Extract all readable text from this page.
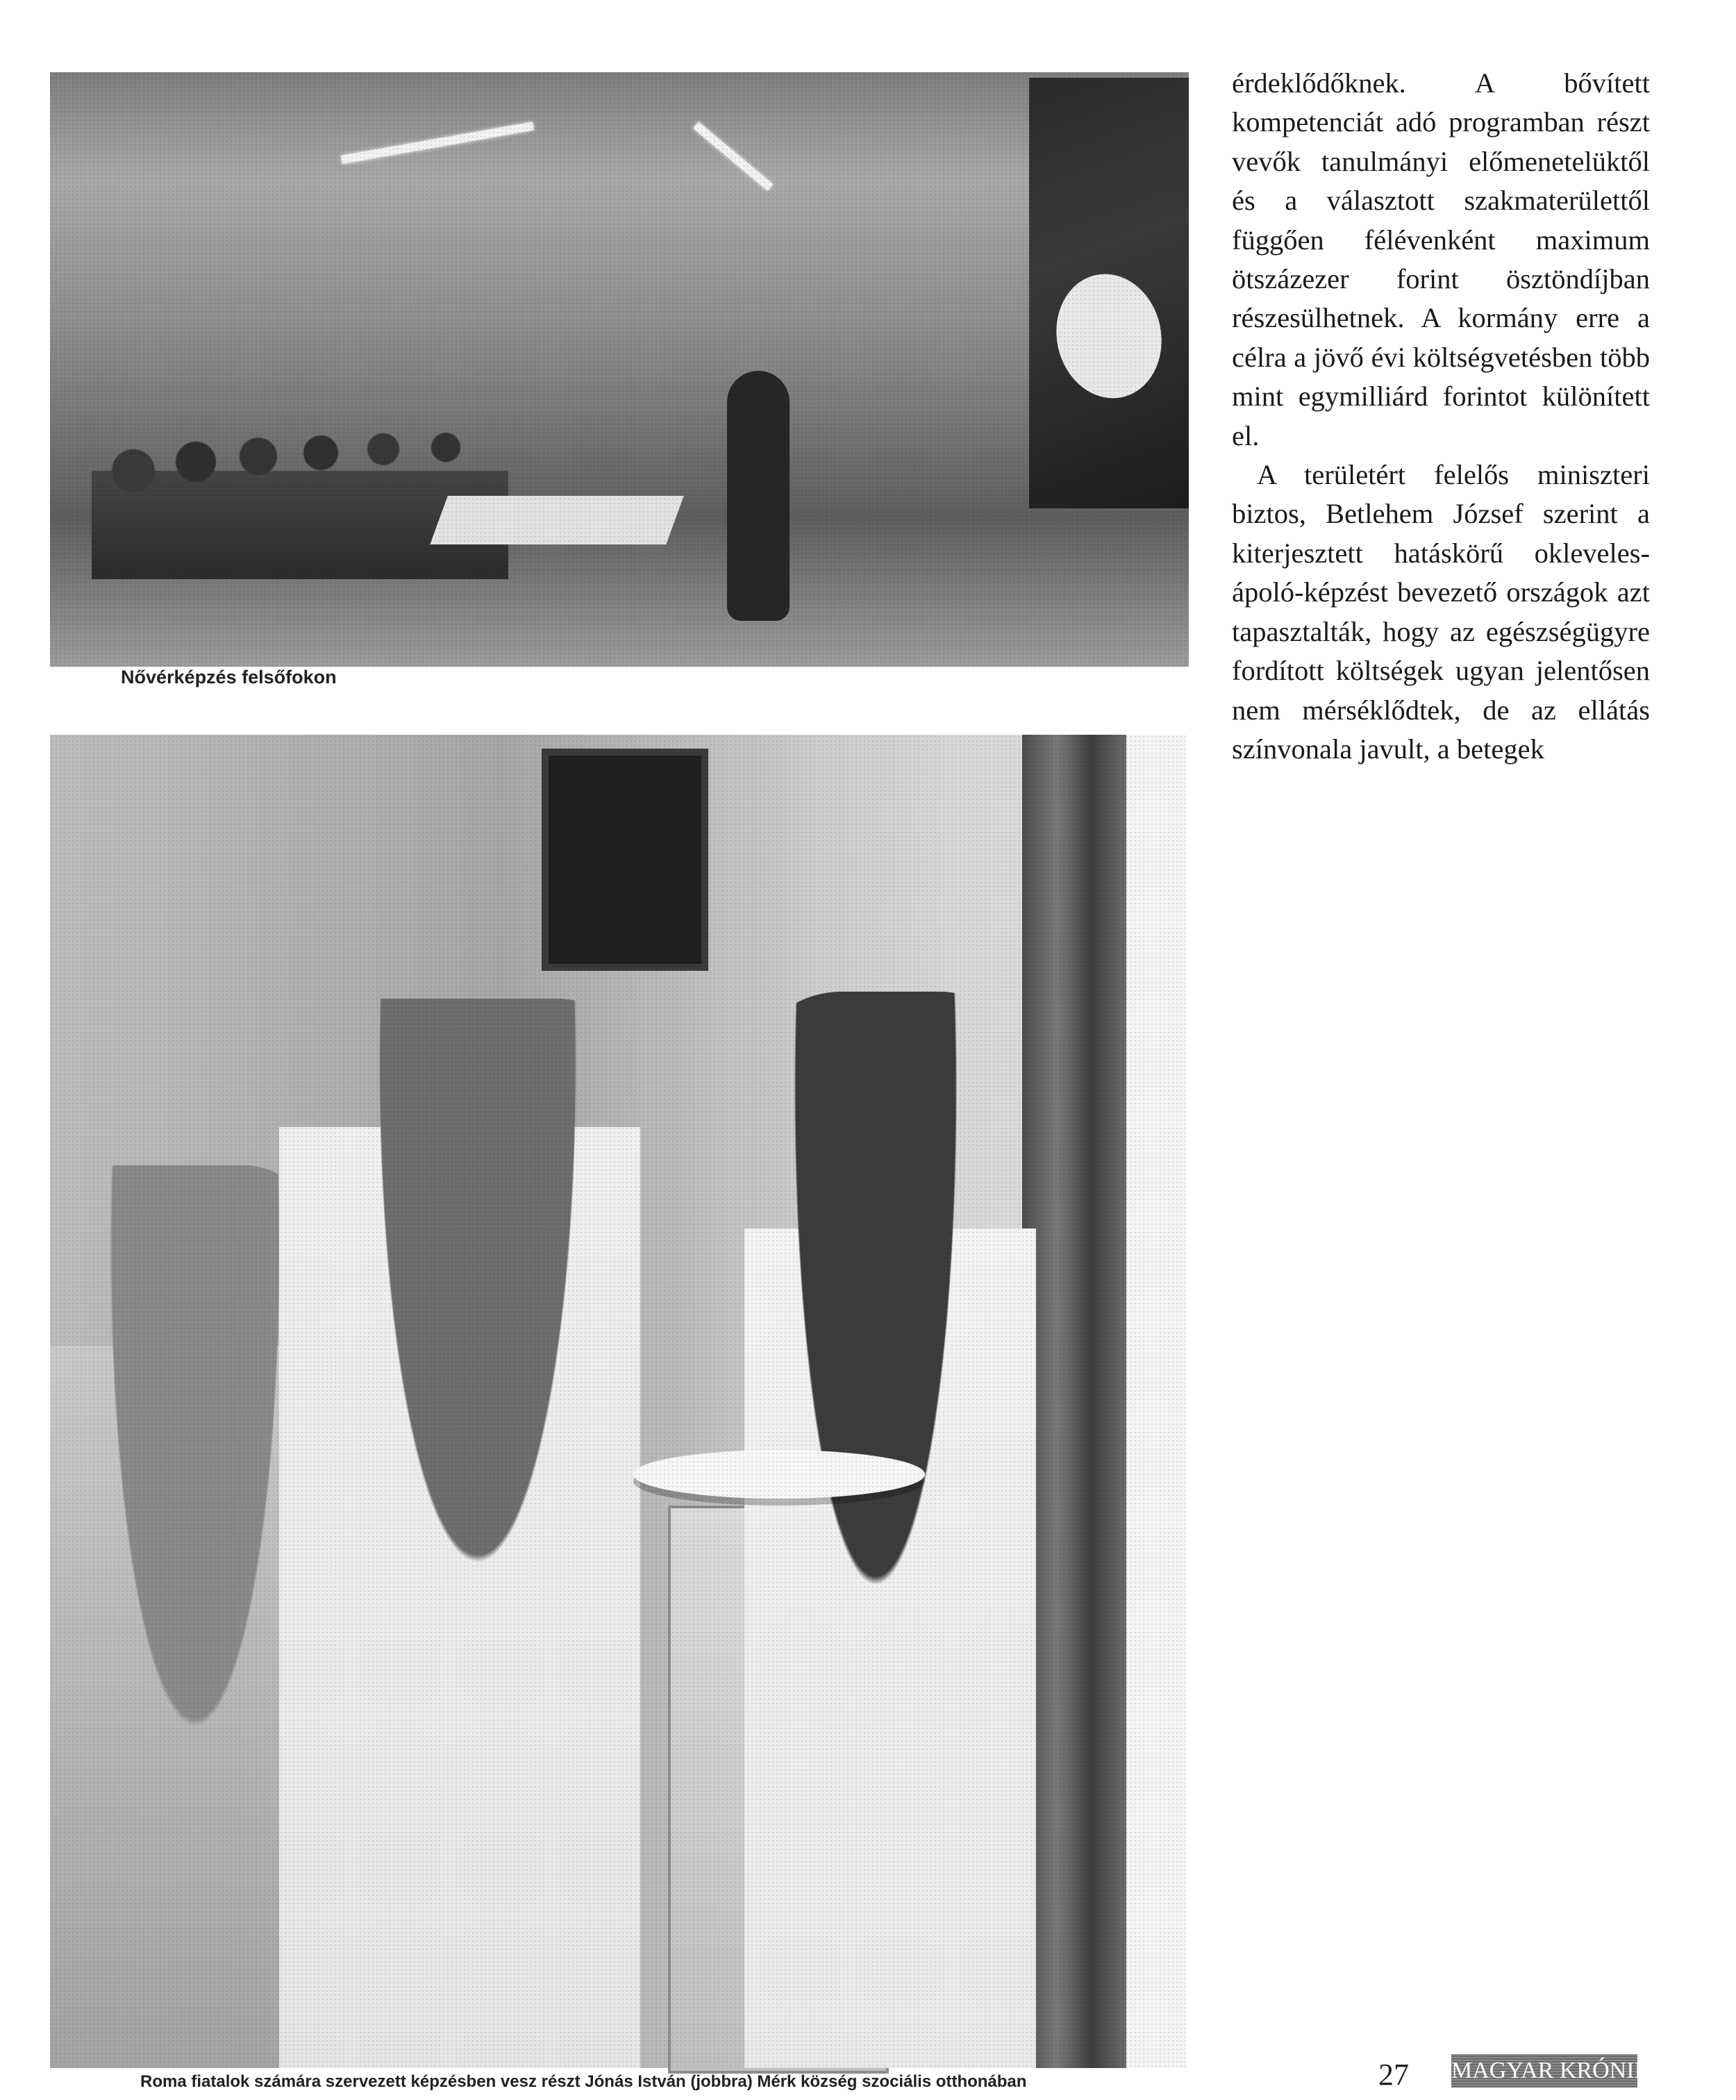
Nővérképzés felsőfokon

érdeklődőknek. A bővített kompetenciát adó programban részt vevők tanulmányi előmenetelüktől és a választott szakmaterülettől függően félévenként maximum ötszázezer forint ösztöndíjban részesülhetnek. A kormány erre a célra a jövő évi költségvetésben több mint egymilliárd forintot különített el.

A területért felelős miniszteri biztos, Betlehem József szerint a kiterjesztett hatáskörű okleveles-ápoló-képzést bevezető országok azt tapasztalták, hogy az egészségügyre fordított költségek ugyan jelentősen nem mérséklődtek, de az ellátás színvonala javult, a betegek

Roma fiatalok számára szervezett képzésben vesz részt Jónás István (jobbra) Mérk község szociális otthonában	27 MAGYAR KRÓNIKA
